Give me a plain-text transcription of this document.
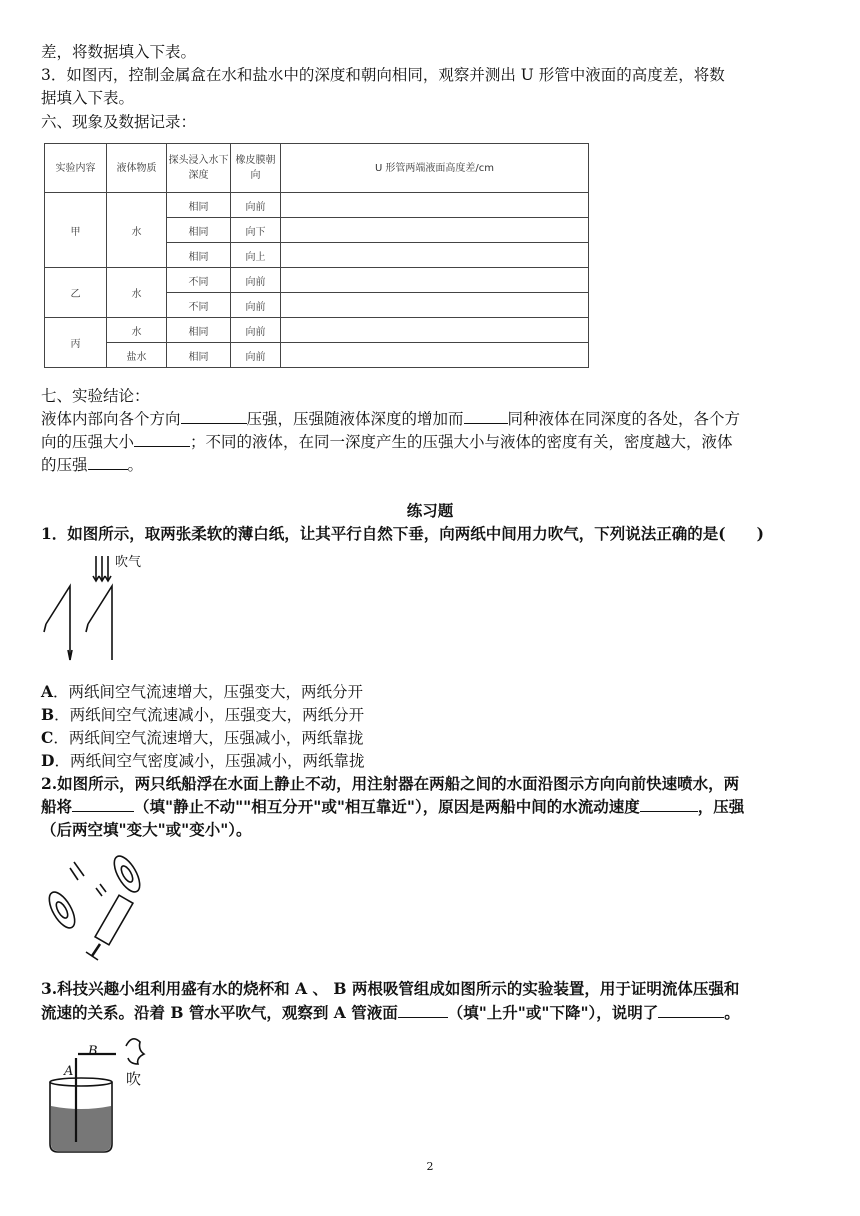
差，将数据填入下表。
3．如图丙，控制金属盒在水和盐水中的深度和朝向相同，观察并测出 U 形管中液面的高度差，将数
据填入下表。
六、现象及数据记录：
实验内容	液体物质	探头浸入水下深度	橡皮膜朝向	U 形管两端液面高度差/cm
甲	水	相同	向前	
		相同	向下	
		相同	向上	
乙	水	不同	向前	
		不同	向前	
丙	水	相同	向前	
	盐水	相同	向前	
七、实验结论：
液体内部向各个方向	压强，压强随液体深度的增加而	同种液体在同深度的各处，各个方
向的压强大小	；不同的液体，在同一深度产生的压强大小与液体的密度有关，密度越大，液体
的压强	。
练习题
1．如图所示，取两张柔软的薄白纸，让其平行自然下垂，向两纸中间用力吹气，下列说法正确的是(　　)
吹气
A．两纸间空气流速增大，压强变大，两纸分开
B．两纸间空气流速减小，压强变大，两纸分开
C．两纸间空气流速增大，压强减小，两纸靠拢
D．两纸间空气密度减小，压强减小，两纸靠拢
2.如图所示，两只纸船浮在水面上静止不动，用注射器在两船之间的水面沿图示方向向前快速喷水，两
船将	（填"静止不动""相互分开"或"相互靠近"），原因是两船中间的水流动速度	，压强
（后两空填"变大"或"变小"）。
3.科技兴趣小组利用盛有水的烧杯和 A 、 B 两根吸管组成如图所示的实验装置，用于证明流体压强和
流速的关系。沿着 B 管水平吹气，观察到 A 管液面	（填"上升"或"下降"），说明了	。
A
B
吹
2
